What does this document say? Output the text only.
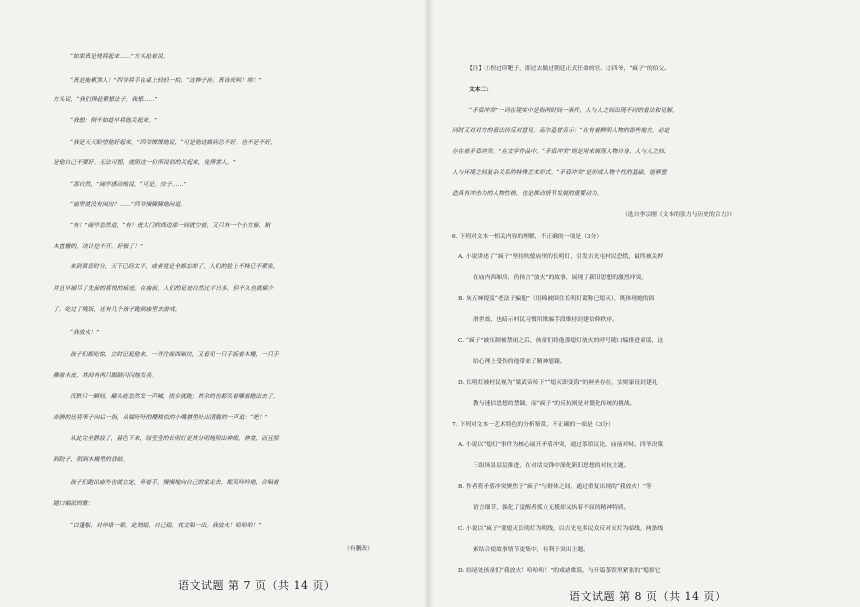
“如果真是烧将起来……”方头抢着说。
“真是拖累煞人！”四爷将手在桌上轻轻一拍，“这种子孙，真该死呵！唉！”
方头说，“我们得赶紧想法子。我想……”
“我想：倒不如趁早将他关起来。”
“我是天天盼望他好起来，”四爷缓缓地说，“可是他这疯病总不好。也不是不好，
是他自己不要好。无法可想，就照这一位所说似的关起来，免得害人。”
“那自然，”阔亭感动地说，“可是，房子……”
“庙里就没有闲房？……”四爷慢腾腾地问道。
“有！”阔亭忽然道，“有！进大门的西边那一间就空着，又只有一个小方窗，粗
木直栅的，决计挖不开。好极了！”
来到黄昏时分，天下已经太平，或者竟是全都忘却了，人们的脸上不特已不紧张，
并且早褪尽了先前的喜悦的痕迹。在庙前，人们的足迹自然比平日多，但不久也就稀少
了。吃过了晚饭，还有几个孩子跑到庙里去游戏。
“我放火！”
孩子们都吃惊，立时记起他来，一齐注视西厢房，又看见一只手扳着木栅，一只手
撕着木皮，其间有两只眼睛闪闪地发亮。
沉默只一瞬间，癞头疮忽然发一声喊，拔步就跑；其余的也都笑着嚷着跑出去了。
赤膊的还将苇子向后一指，从喘吁吁的樱桃似的小嘴唇里吐出清脆的一声道：“吧！”
从此完全静寂了，暮色下来，绿莹莹的长明灯更其分明地照出神殿，神龛，而且照
到院子，照到木栅里的昏暗。
孩子们跑出庙外也就立定，牵着手，慢慢地向自己的家走去，都笑吟吟地，合唱着
随口编派的歌：
“白篷船，对岸歇一歇。此刻熄，自己熄。戏文唱一出。我放火！哈哈哈！”
（有删改）
语文试题 第 7 页（共 14 页）
【注】①捏过印靶子，即过去做过朝廷正式任命的官。②四爷，“疯子”的伯父。
文本二：
“矛盾冲突”一词在现实中是指两时间一事件，人与人之间出现不同的看法和见解，
同时又对对方的看法持反对意见。高尔基曾表示：“在有着鲜明人物的那些地方，必定
存在着矛盾冲突。”在文学作品中，“矛盾冲突”则是用来展现人物自身、人与人之间、
人与环境之间复杂关系的特殊艺术形式。“矛盾冲突”是形成人物个性的基础，能够塑
造具有冲击力的人物性格，也是推动情节发展的重要动力。
（选自李宗刚《文本的张力与历史的合力》）
6. 下列对文本一相关内容的理解，不正确的一项是（3分）
A. 小说讲述了“疯子”坚持吹熄庙里的长明灯，引发吉光屯村民恐慌，最终被关押
在庙内西厢房，仍扬言“放火”的故事，展现了新旧思想的激烈冲突。
B. 灰五婶提及“老法子骗他”（用棉被围住长明灯谎称已熄灭），既体现她的固
滑世故，也暗示村民习惯用欺骗手段维持封建信仰秩序。
C. “疯子”被压制被禁闭之后，孩童们将他那熄灯放火的呼号随口编排进童谣，这
给心理上受伤的他带来了精神慰藉。
D. 长明灯被村民视为“梁武帝传下”“熄灭即变海”的神圣存在，实则象征封建礼
教与迷信思想的禁锢，而“疯子”的反抗则是对僵化传统的挑战。
7. 下列对文本一艺术特色的分析鉴赏，不正确的一项是（3分）
A. 小说以“熄灯”事件为核心展开矛盾冲突，通过茶馆议论、庙前对峙、四爷决策
三组场景层层推进，在对话交锋中深化新旧思想的对抗主题。
B. 作者将矛盾冲突聚焦于“疯子”与群体之间，通过重复出现的“我放火！”等
语言细节，强化了觉醒者孤立无援却又执着不屈的精神特质。
C. 小说以“疯子”要熄灭长明灯为明线，以吉光屯多民众反对灭灯为暗线，两条线
索结合使故事情节更集中，有利于突出主题。
D. 结尾处孩童们“我放火！哈哈哈！”的戏谑歌谣，与开篇茶馆里紧张的“熄掉它
语文试题 第 8 页（共 14 页）
